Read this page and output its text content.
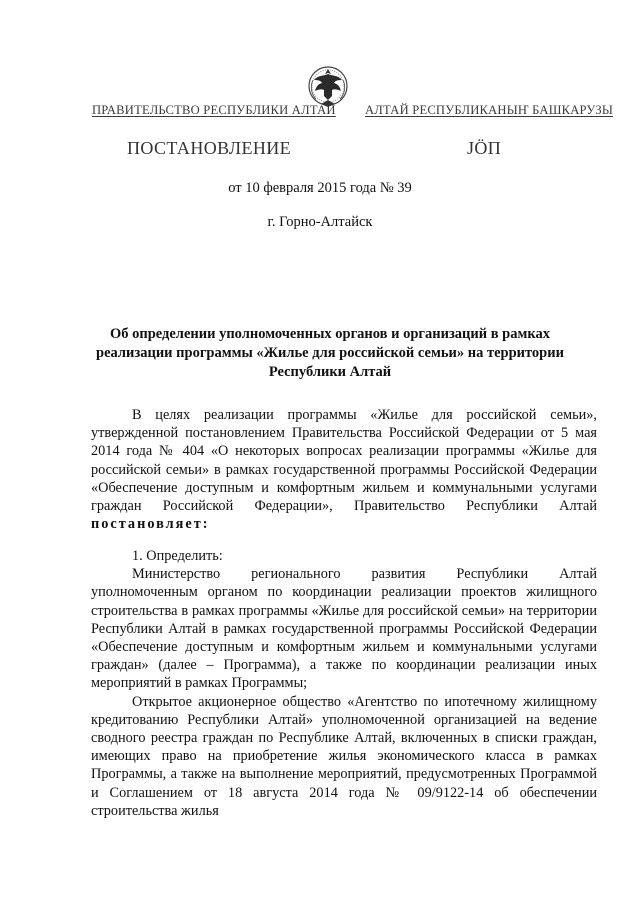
ПРАВИТЕЛЬСТВО РЕСПУБЛИКИ АЛТАЙ АЛТАЙ РЕСПУБЛИКАНЫҤ БАШКАРУЗЫ
ПОСТАНОВЛЕНИЕ	ЈӦП
от 10 февраля 2015 года № 39
г. Горно-Алтайск
Об определении уполномоченных органов и организаций в рамках реализации программы «Жилье для российской семьи» на территории Республики Алтай

В целях реализации программы «Жилье для российской семьи», утвержденной постановлением Правительства Российской Федерации от 5 мая 2014 года № 404 «О некоторых вопросах реализации программы «Жилье для российской семьи» в рамках государственной программы Российской Федерации «Обеспечение доступным и комфортным жильем и коммунальными услугами граждан Российской Федерации», Правительство Республики Алтай постановляет:

1. Определить:

Министерство регионального развития Республики Алтай уполномоченным органом по координации реализации проектов жилищного строительства в рамках программы «Жилье для российской семьи» на территории Республики Алтай в рамках государственной программы Российской Федерации «Обеспечение доступным и комфортным жильем и коммунальными услугами граждан» (далее – Программа), а также по координации реализации иных мероприятий в рамках Программы;

Открытое акционерное общество «Агентство по ипотечному жилищному кредитованию Республики Алтай» уполномоченной организацией на ведение сводного реестра граждан по Республике Алтай, включенных в списки граждан, имеющих право на приобретение жилья экономического класса в рамках Программы, а также на выполнение мероприятий, предусмотренных Программой и Соглашением от 18 августа 2014 года № 09/9122-14 об обеспечении строительства жилья
